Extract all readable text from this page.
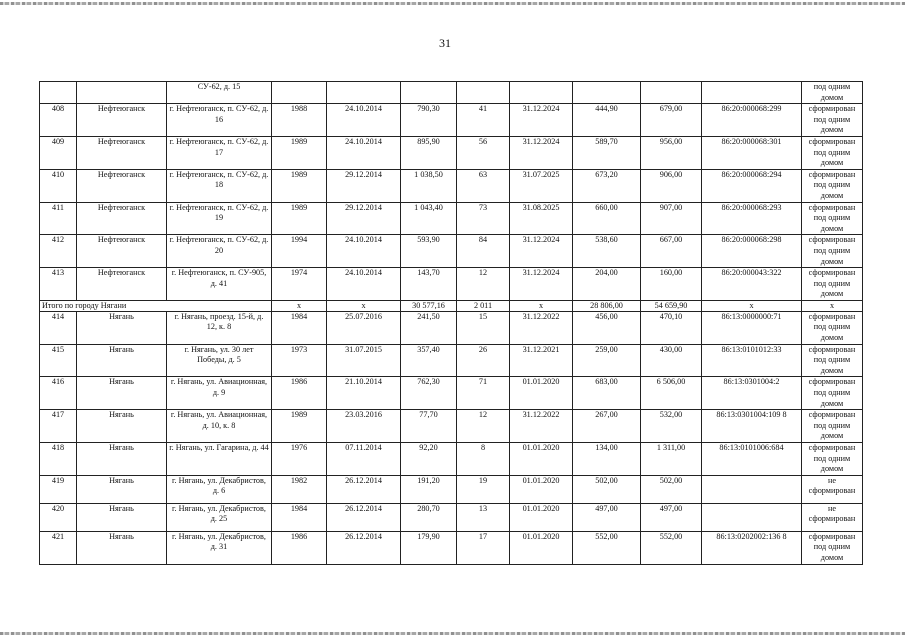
31
		СУ-62, д. 15									под одним домом
408	Нефтеюганск	г. Нефтеюганск, п. СУ-62, д. 16	1988	24.10.2014	790,30	41	31.12.2024	444,90	679,00	86:20:000068:299	сформирован под одним домом
409	Нефтеюганск	г. Нефтеюганск, п. СУ-62, д. 17	1989	24.10.2014	895,90	56	31.12.2024	589,70	956,00	86:20:000068:301	сформирован под одним домом
410	Нефтеюганск	г. Нефтеюганск, п. СУ-62, д. 18	1989	29.12.2014	1 038,50	63	31.07.2025	673,20	906,00	86:20:000068:294	сформирован под одним домом
411	Нефтеюганск	г. Нефтеюганск, п. СУ-62, д. 19	1989	29.12.2014	1 043,40	73	31.08.2025	660,00	907,00	86:20:000068:293	сформирован под одним домом
412	Нефтеюганск	г. Нефтеюганск, п. СУ-62, д. 20	1994	24.10.2014	593,90	84	31.12.2024	538,60	667,00	86:20:000068:298	сформирован под одним домом
413	Нефтеюганск	г. Нефтеюганск, п. СУ-905, д. 41	1974	24.10.2014	143,70	12	31.12.2024	204,00	160,00	86:20:000043:322	сформирован под одним домом
Итого по городу Нягани			x	x	30 577,16	2 011	x	28 806,00	54 659,90	x	x
414	Нягань	г. Нягань, проезд. 15-й, д. 12, к. 8	1984	25.07.2016	241,50	15	31.12.2022	456,00	470,10	86:13:0000000:71	сформирован под одним домом
415	Нягань	г. Нягань, ул. 30 лет Победы, д. 5	1973	31.07.2015	357,40	26	31.12.2021	259,00	430,00	86:13:0101012:33	сформирован под одним домом
416	Нягань	г. Нягань, ул. Авиационная, д. 9	1986	21.10.2014	762,30	71	01.01.2020	683,00	6 506,00	86:13:0301004:2	сформирован под одним домом
417	Нягань	г. Нягань, ул. Авиационная, д. 10, к. 8	1989	23.03.2016	77,70	12	31.12.2022	267,00	532,00	86:13:0301004:109 8	сформирован под одним домом
418	Нягань	г. Нягань, ул. Гагарина, д. 44	1976	07.11.2014	92,20	8	01.01.2020	134,00	1 311,00	86:13:0101006:684	сформирован под одним домом
419	Нягань	г. Нягань, ул. Декабристов, д. 6	1982	26.12.2014	191,20	19	01.01.2020	502,00	502,00		не сформирован
420	Нягань	г. Нягань, ул. Декабристов, д. 25	1984	26.12.2014	280,70	13	01.01.2020	497,00	497,00		не сформирован
421	Нягань	г. Нягань, ул. Декабристов, д. 31	1986	26.12.2014	179,90	17	01.01.2020	552,00	552,00	86:13:0202002:136 8	сформирован под одним домом
